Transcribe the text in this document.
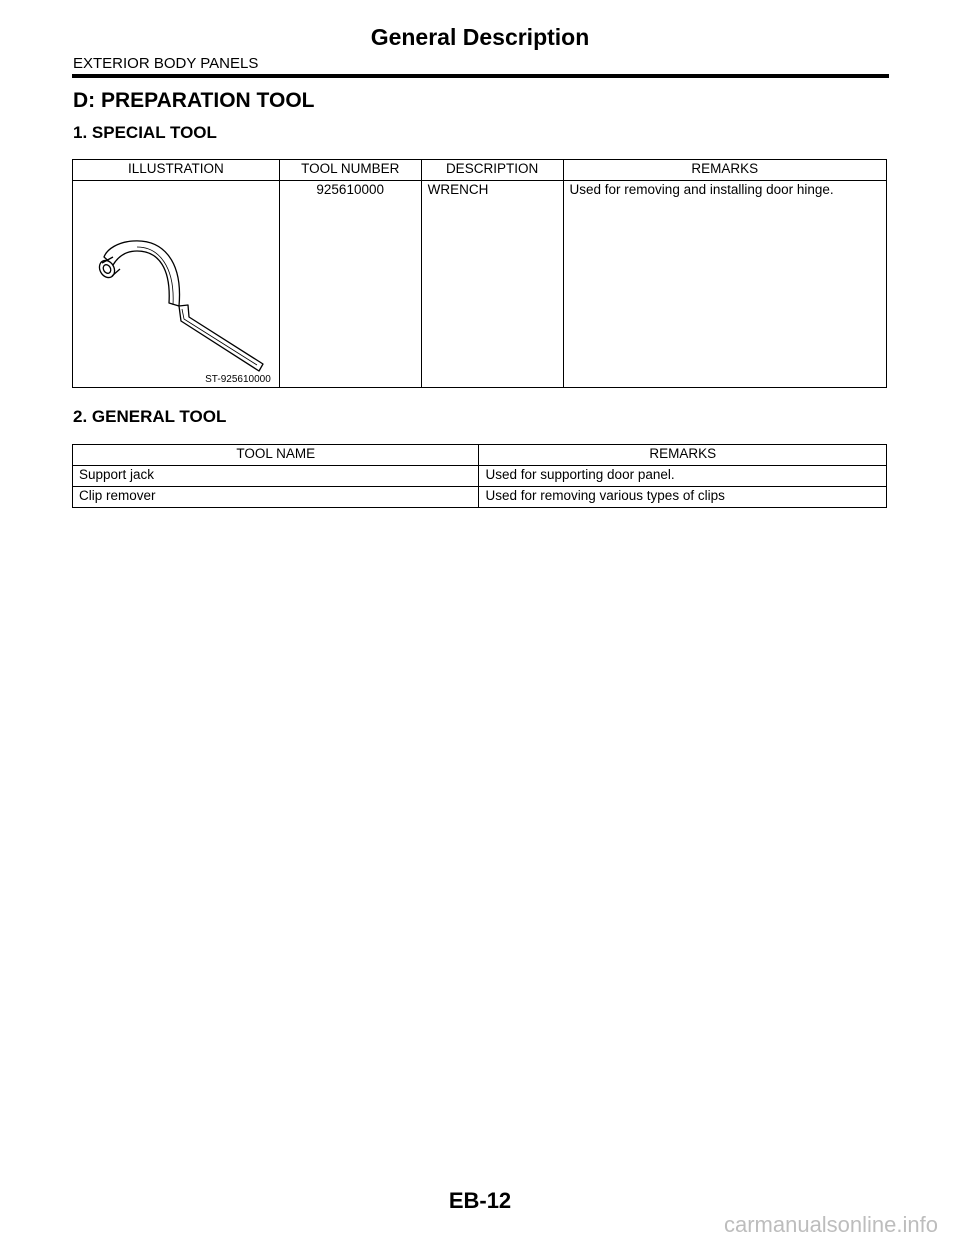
General Description
EXTERIOR BODY PANELS
D: PREPARATION TOOL
1. SPECIAL TOOL
ILLUSTRATION	TOOL NUMBER	DESCRIPTION	REMARKS

ST-925610000	925610000	WRENCH	Used for removing and installing door hinge.
2. GENERAL TOOL
TOOL NAME	REMARKS
Support jack	Used for supporting door panel.
Clip remover	Used for removing various types of clips
EB-12
carmanualsonline.info
